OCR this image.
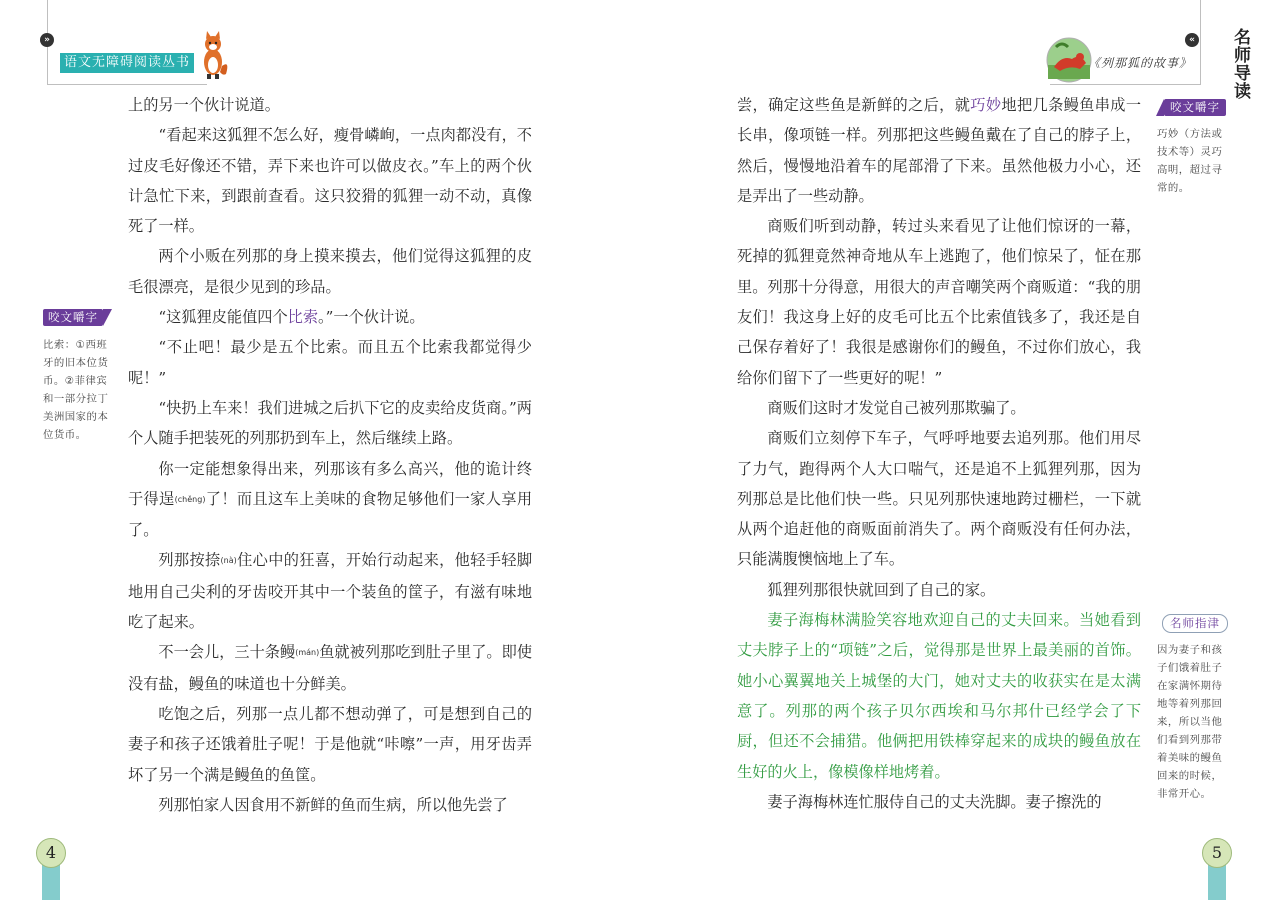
»
语文无障碍阅读丛书	《列那狐的故事》
« 名师导读

上的另一个伙计说道。

“看起来这狐狸不怎么好，瘦骨嶙峋，一点肉都没有，不过皮毛好像还不错，弄下来也许可以做皮衣。”车上的两个伙计急忙下来，到跟前查看。这只狡猾的狐狸一动不动，真像死了一样。

两个小贩在列那的身上摸来摸去，他们觉得这狐狸的皮毛很漂亮，是很少见到的珍品。

“这狐狸皮能值四个比索。”一个伙计说。

“不止吧！最少是五个比索。而且五个比索我都觉得少呢！”

“快扔上车来！我们进城之后扒下它的皮卖给皮货商。”两个人随手把装死的列那扔到车上，然后继续上路。

你一定能想象得出来，列那该有多么高兴，他的诡计终于得逞(chěng)了！而且这车上美味的食物足够他们一家人享用了。

列那按捺(nà)住心中的狂喜，开始行动起来，他轻手轻脚地用自己尖利的牙齿咬开其中一个装鱼的筐子，有滋有味地吃了起来。

不一会儿，三十条鳗(mán)鱼就被列那吃到肚子里了。即使没有盐，鳗鱼的味道也十分鲜美。

吃饱之后，列那一点儿都不想动弹了，可是想到自己的妻子和孩子还饿着肚子呢！于是他就“咔嚓”一声，用牙齿弄坏了另一个满是鳗鱼的鱼筐。

列那怕家人因食用不新鲜的鱼而生病，所以他先尝了

咬文嚼字
比索：①西班牙的旧本位货币。②菲律宾和一部分拉丁美洲国家的本位货币。

尝，确定这些鱼是新鲜的之后，就巧妙地把几条鳗鱼串成一长串，像项链一样。列那把这些鳗鱼戴在了自己的脖子上，然后，慢慢地沿着车的尾部滑了下来。虽然他极力小心，还是弄出了一些动静。

商贩们听到动静，转过头来看见了让他们惊讶的一幕，死掉的狐狸竟然神奇地从车上逃跑了，他们惊呆了，怔在那里。列那十分得意，用很大的声音嘲笑两个商贩道：“我的朋友们！我这身上好的皮毛可比五个比索值钱多了，我还是自己保存着好了！我很是感谢你们的鳗鱼，不过你们放心，我给你们留下了一些更好的呢！”

商贩们这时才发觉自己被列那欺骗了。

商贩们立刻停下车子，气呼呼地要去追列那。他们用尽了力气，跑得两个人大口喘气，还是追不上狐狸列那，因为列那总是比他们快一些。只见列那快速地跨过栅栏，一下就从两个追赶他的商贩面前消失了。两个商贩没有任何办法，只能满腹懊恼地上了车。

狐狸列那很快就回到了自己的家。

妻子海梅林满脸笑容地欢迎自己的丈夫回来。当她看到丈夫脖子上的“项链”之后，觉得那是世界上最美丽的首饰。她小心翼翼地关上城堡的大门，她对丈夫的收获实在是太满意了。列那的两个孩子贝尔西埃和马尔邦什已经学会了下厨，但还不会捕猎。他俩把用铁棒穿起来的成块的鳗鱼放在生好的火上，像模像样地烤着。

妻子海梅林连忙服侍自己的丈夫洗脚。妻子擦洗的

咬文嚼字
巧妙（方法或技术等）灵巧高明，超过寻常的。
名师指津
因为妻子和孩子们饿着肚子在家满怀期待地等着列那回来，所以当他们看到列那带着美味的鳗鱼回来的时候，非常开心。
4	5
